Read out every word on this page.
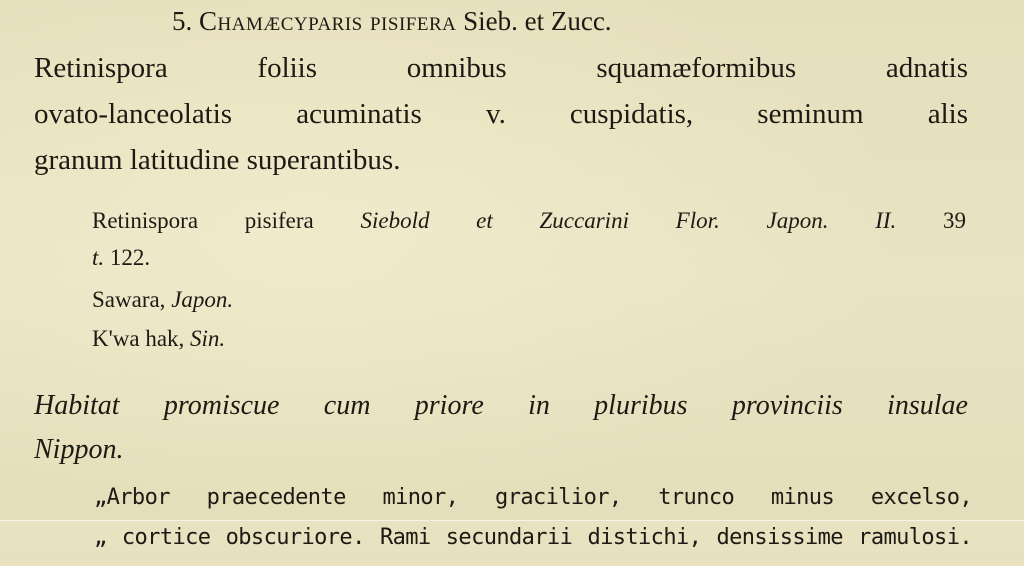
5. Chamæcyparis pisifera Sieb. et Zucc.
Retinispora foliis omnibus squamæformibus adnatis
ovato-lanceolatis acuminatis v. cuspidatis, seminum alis
granum latitudine superantibus.
Retinispora pisifera Siebold et Zuccarini Flor. Japon. II. 39
t. 122.
Sawara, Japon.
K'wa hak, Sin.
Habitat promiscue cum priore in pluribus provinciis insulae
Nippon.
„Arbor praecedente minor, gracilior, trunco minus excelso,
„ cortice obscuriore. Rami secundarii distichi, densissime ramulosi.
